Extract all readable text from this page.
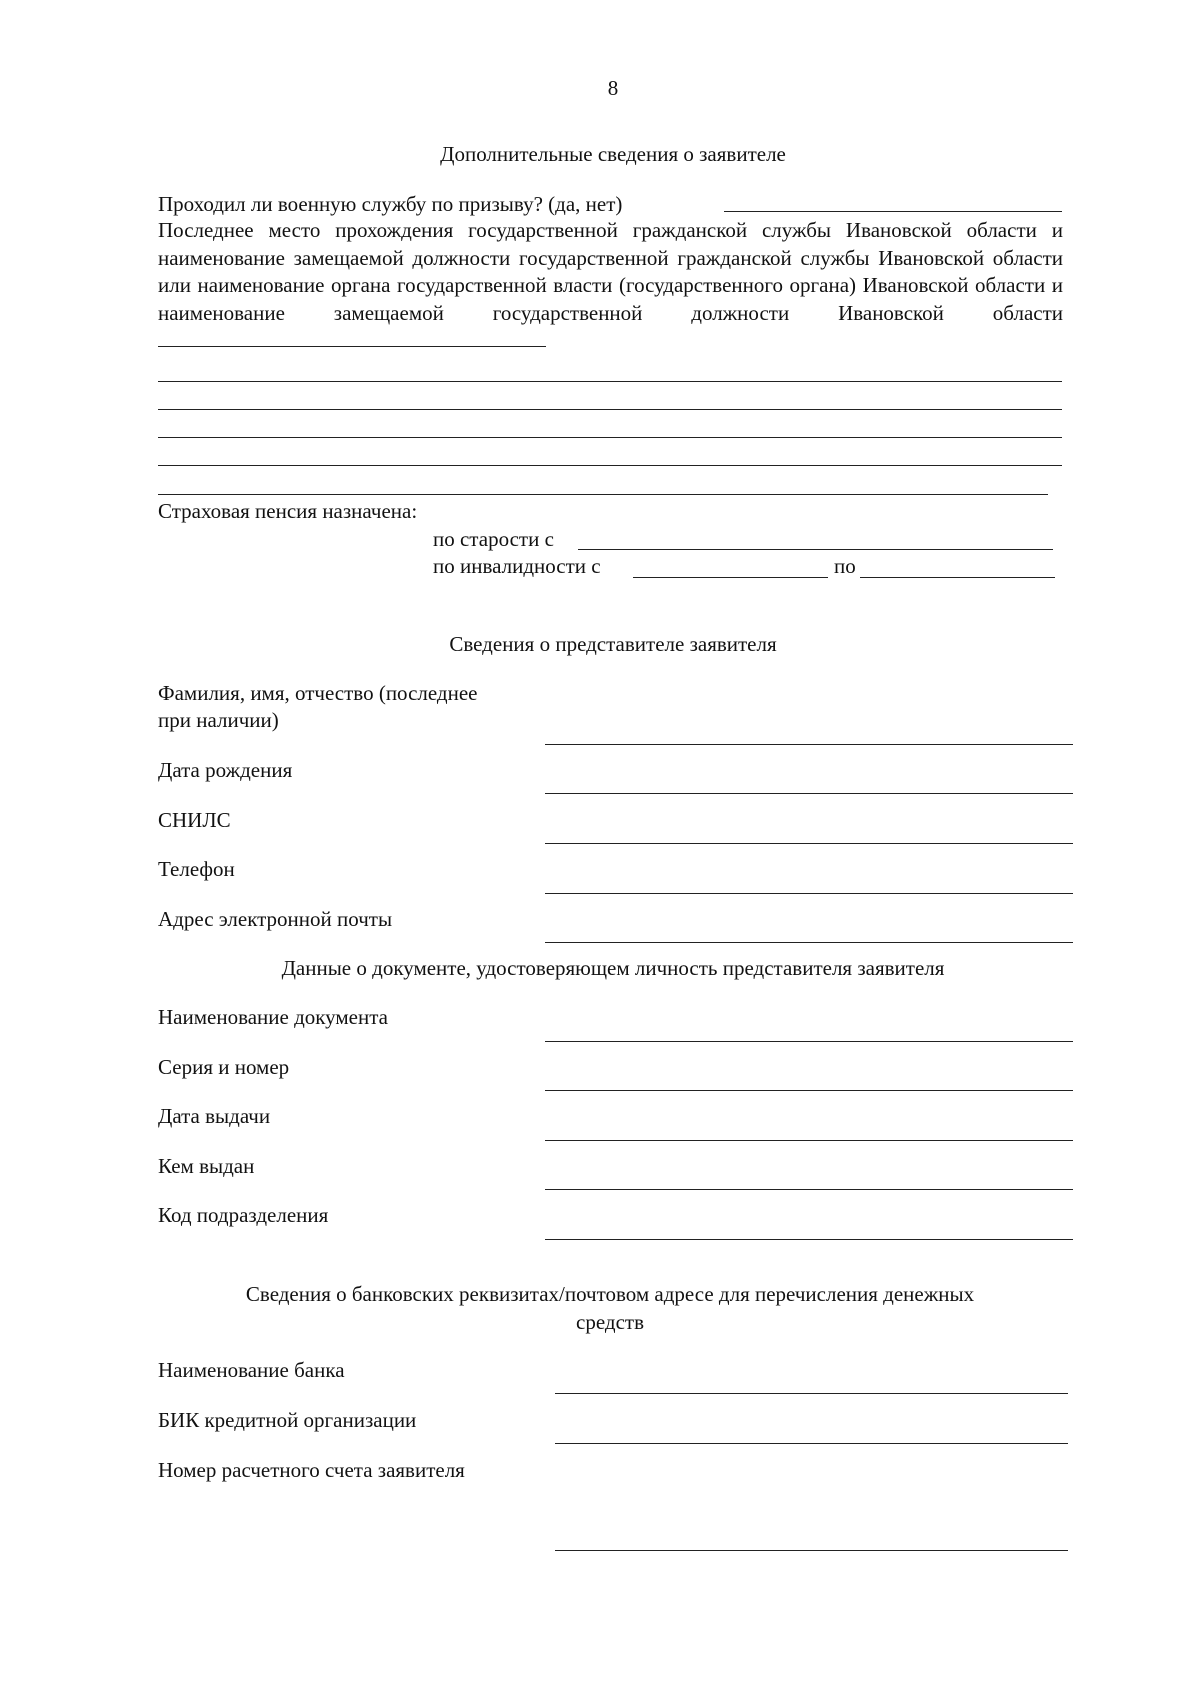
8
Дополнительные сведения о заявителе
Проходил ли военную службу по призыву? (да, нет)
Последнее место прохождения государственной гражданской службы Ивановской области и наименование замещаемой должности государственной гражданской службы Ивановской области или наименование органа государственной власти (государственного органа) Ивановской области и наименование замещаемой государственной должности Ивановской области
Страховая пенсия назначена:
по старости с
по инвалидности с	по
Сведения о представителе заявителя
Фамилия, имя, отчество (последнее
при наличии)
Дата рождения
СНИЛС
Телефон
Адрес электронной почты
Данные о документе, удостоверяющем личность представителя заявителя
Наименование документа
Серия и номер
Дата выдачи
Кем выдан
Код подразделения
Сведения о банковских реквизитах/почтовом адресе для перечисления денежных
средств
Наименование банка
БИК кредитной организации
Номер расчетного счета заявителя
